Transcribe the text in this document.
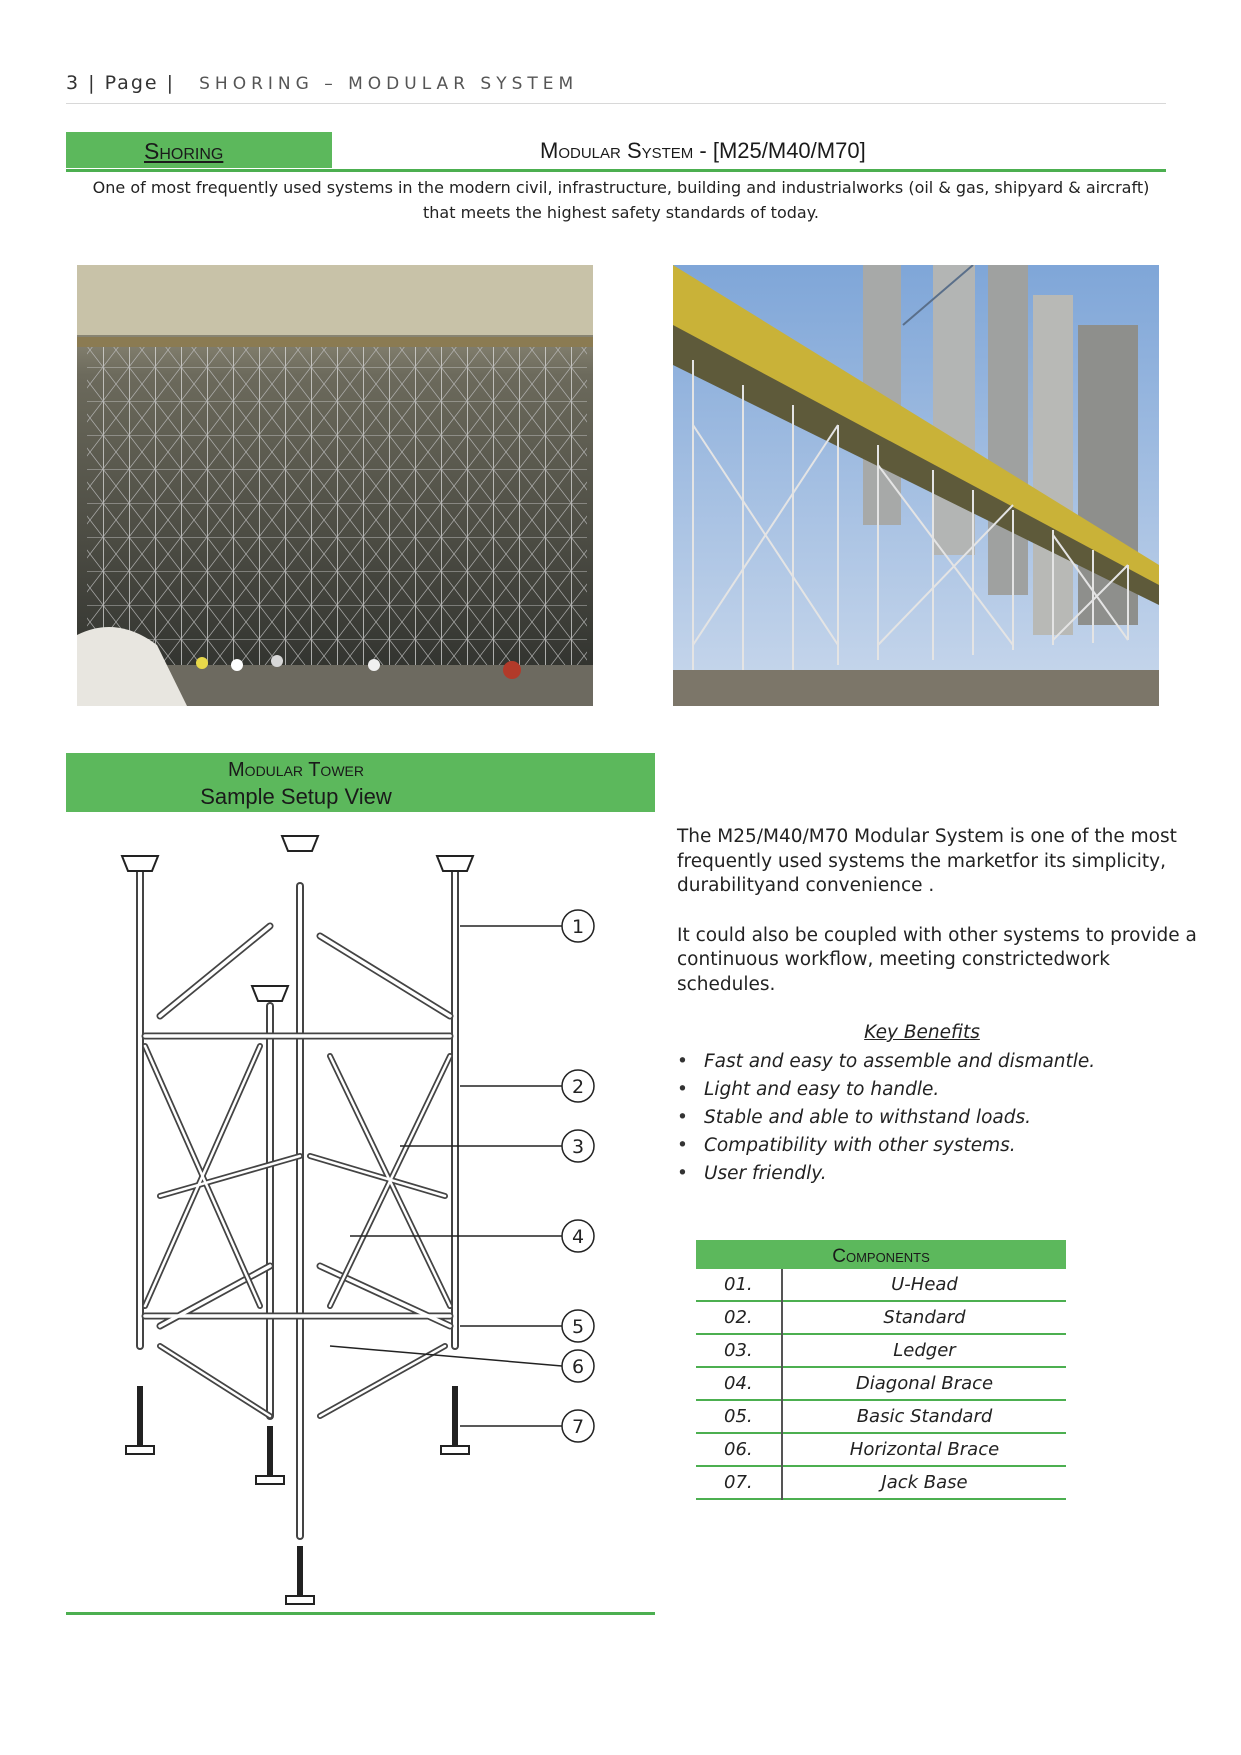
3 | Page | SHORING – MODULAR SYSTEM
Shoring	Modular System - [M25/M40/M70]
One of most frequently used systems in the modern civil, infrastructure, building and industrialworks (oil & gas, shipyard & aircraft)
that meets the highest safety standards of today.
Modular Tower
Sample Setup View
1
2
3
4
5
6
7

The M25/M40/M70 Modular System is one of the most frequently used systems the marketfor its simplicity, durabilityand convenience .

It could also be coupled with other systems to provide a continuous workflow, meeting constrictedwork schedules.

Key Benefits
• Fast and easy to assemble and dismantle.
• Light and easy to handle.
• Stable and able to withstand loads.
• Compatibility with other systems.
• User friendly.
Components
01.	U-Head
02.	Standard
03.	Ledger
04.	Diagonal Brace
05.	Basic Standard
06.	Horizontal Brace
07.	Jack Base
